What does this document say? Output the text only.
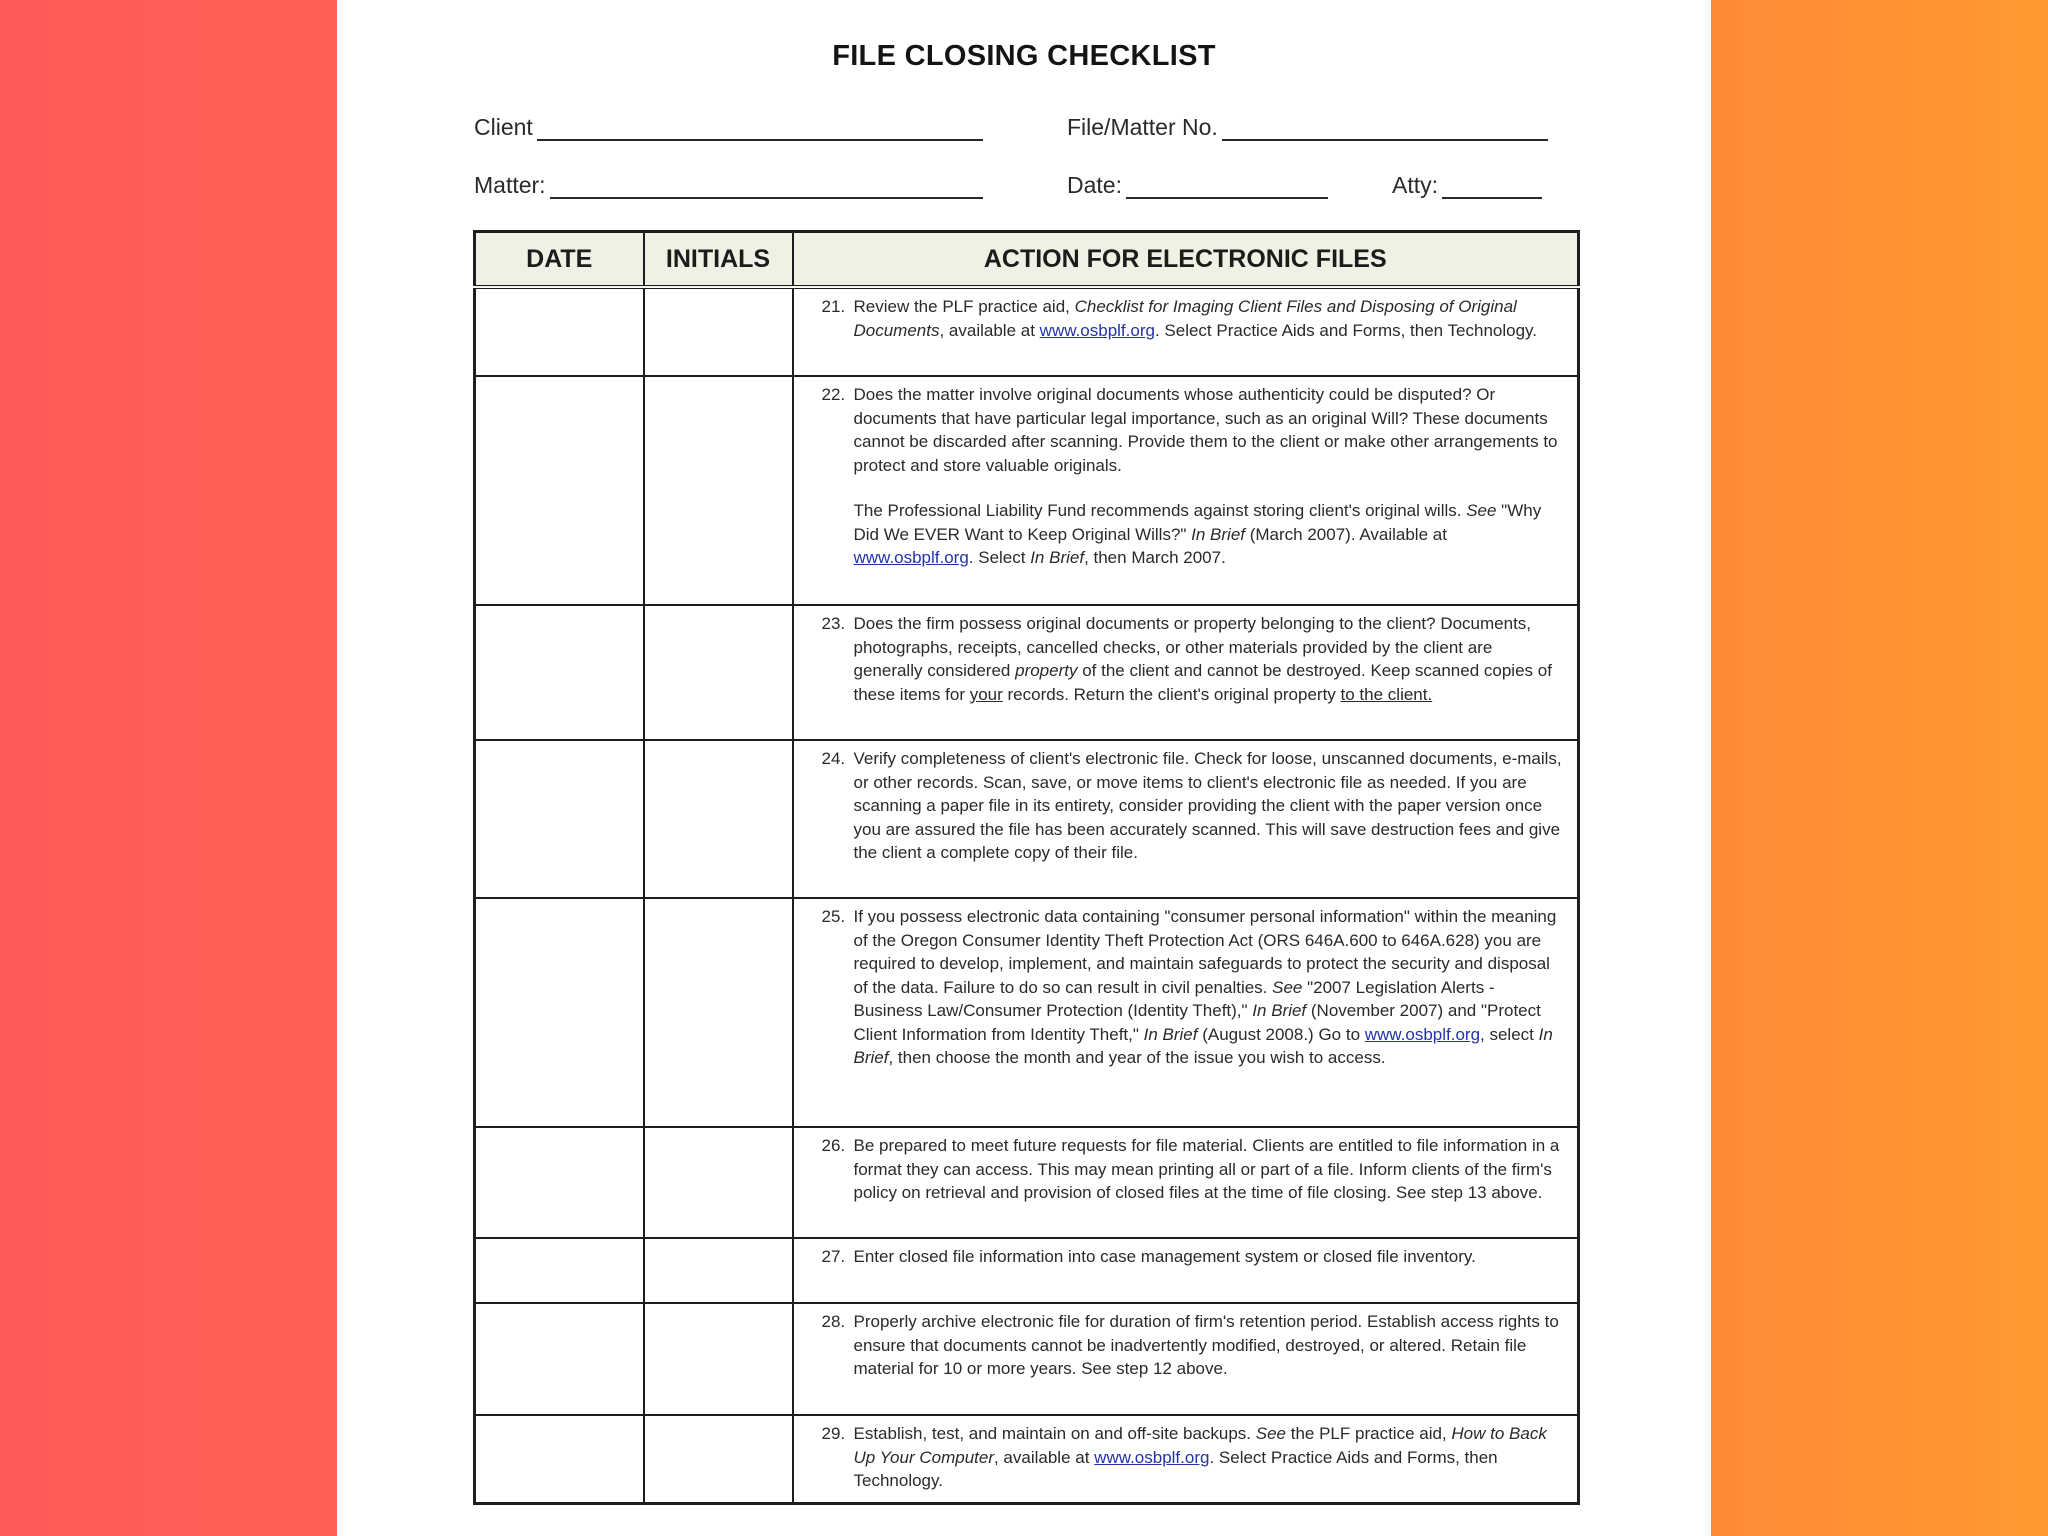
FILE CLOSING CHECKLIST
Client
Matter:
File/Matter No.
Date:	Atty:
DATE	INITIALS	ACTION FOR ELECTRONIC FILES

		21. Review the PLF practice aid, Checklist for Imaging Client Files and Disposing of Original Documents, available at www.osbplf.org. Select Practice Aids and Forms, then Technology.

		22. Does the matter involve original documents whose authenticity could be disputed? Or documents that have particular legal importance, such as an original Will? These documents cannot be discarded after scanning. Provide them to the client or make other arrangements to protect and store valuable originals.
The Professional Liability Fund recommends against storing client's original wills. See "Why Did We EVER Want to Keep Original Wills?" In Brief (March 2007). Available at www.osbplf.org. Select In Brief, then March 2007.

		23. Does the firm possess original documents or property belonging to the client? Documents, photographs, receipts, cancelled checks, or other materials provided by the client are generally considered property of the client and cannot be destroyed. Keep scanned copies of these items for your records. Return the client's original property to the client.

		24. Verify completeness of client's electronic file. Check for loose, unscanned documents, e-mails, or other records. Scan, save, or move items to client's electronic file as needed. If you are scanning a paper file in its entirety, consider providing the client with the paper version once you are assured the file has been accurately scanned. This will save destruction fees and give the client a complete copy of their file.

		25. If you possess electronic data containing "consumer personal information" within the meaning of the Oregon Consumer Identity Theft Protection Act (ORS 646A.600 to 646A.628) you are required to develop, implement, and maintain safeguards to protect the security and disposal of the data. Failure to do so can result in civil penalties. See "2007 Legislation Alerts - Business Law/Consumer Protection (Identity Theft)," In Brief (November 2007) and "Protect Client Information from Identity Theft," In Brief (August 2008.) Go to www.osbplf.org, select In Brief, then choose the month and year of the issue you wish to access.

		26. Be prepared to meet future requests for file material. Clients are entitled to file information in a format they can access. This may mean printing all or part of a file. Inform clients of the firm's policy on retrieval and provision of closed files at the time of file closing. See step 13 above.

		27. Enter closed file information into case management system or closed file inventory.

		28. Properly archive electronic file for duration of firm's retention period. Establish access rights to ensure that documents cannot be inadvertently modified, destroyed, or altered. Retain file material for 10 or more years. See step 12 above.

		29. Establish, test, and maintain on and off-site backups. See the PLF practice aid, How to Back Up Your Computer, available at www.osbplf.org. Select Practice Aids and Forms, then Technology.
